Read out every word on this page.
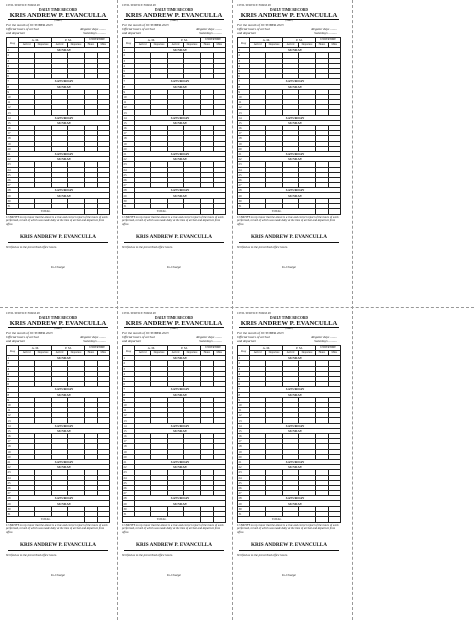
CIVIL SERVICE FORM 48
DAILY TIME RECORD
KRIS ANDREW P. EVANCULLA
(Name)
For the month of OCTOBER 2023
Official hours of arrival	Regular days ........
and departure	Saturdays ..........
Day	A. M.		P. M.		UNDERTIME	
	Arrival	Departure	Arrival	Departure	Hours	Mins
1	SUNDAY					
2						
3						
4						
5						
6						
7	SATURDAY					
8	SUNDAY					
9						
10						
11						
12						
13						
14	SATURDAY					
15	SUNDAY					
16						
17						
18						
19						
20						
21	SATURDAY					
22	SUNDAY					
23						
24						
25						
26						
27						
28	SATURDAY					
29	SUNDAY					
30						
31						
TOTAL						
I CERTIFY on my honor that the above is a true and correct report of the hours of work performed, record of which was made daily at the time of arrival and departure from office.
KRIS ANDREW P. EVANCULLA
Verified as to the prescribed office hours.
In-Charge
CIVIL SERVICE FORM 48
DAILY TIME RECORD
KRIS ANDREW P. EVANCULLA
(Name)
For the month of OCTOBER 2023
Official hours of arrival	Regular days ........
and departure	Saturdays ..........
Day	A. M.		P. M.		UNDERTIME	
	Arrival	Departure	Arrival	Departure	Hours	Mins
1	SUNDAY					
2						
3						
4						
5						
6						
7	SATURDAY					
8	SUNDAY					
9						
10						
11						
12						
13						
14	SATURDAY					
15	SUNDAY					
16						
17						
18						
19						
20						
21	SATURDAY					
22	SUNDAY					
23						
24						
25						
26						
27						
28	SATURDAY					
29	SUNDAY					
30						
31						
TOTAL						
I CERTIFY on my honor that the above is a true and correct report of the hours of work performed, record of which was made daily at the time of arrival and departure from office.
KRIS ANDREW P. EVANCULLA
Verified as to the prescribed office hours.
In-Charge
CIVIL SERVICE FORM 48
DAILY TIME RECORD
KRIS ANDREW P. EVANCULLA
(Name)
For the month of OCTOBER 2023
Official hours of arrival	Regular days ........
and departure	Saturdays ..........
Day	A. M.		P. M.		UNDERTIME	
	Arrival	Departure	Arrival	Departure	Hours	Mins
1	SUNDAY					
2						
3						
4						
5						
6						
7	SATURDAY					
8	SUNDAY					
9						
10						
11						
12						
13						
14	SATURDAY					
15	SUNDAY					
16						
17						
18						
19						
20						
21	SATURDAY					
22	SUNDAY					
23						
24						
25						
26						
27						
28	SATURDAY					
29	SUNDAY					
30						
31						
TOTAL						
I CERTIFY on my honor that the above is a true and correct report of the hours of work performed, record of which was made daily at the time of arrival and departure from office.
KRIS ANDREW P. EVANCULLA
Verified as to the prescribed office hours.
In-Charge
CIVIL SERVICE FORM 48
DAILY TIME RECORD
KRIS ANDREW P. EVANCULLA
(Name)
For the month of OCTOBER 2023
Official hours of arrival	Regular days ........
and departure	Saturdays ..........
Day	A. M.		P. M.		UNDERTIME	
	Arrival	Departure	Arrival	Departure	Hours	Mins
1	SUNDAY					
2						
3						
4						
5						
6						
7	SATURDAY					
8	SUNDAY					
9						
10						
11						
12						
13						
14	SATURDAY					
15	SUNDAY					
16						
17						
18						
19						
20						
21	SATURDAY					
22	SUNDAY					
23						
24						
25						
26						
27						
28	SATURDAY					
29	SUNDAY					
30						
31						
TOTAL						
I CERTIFY on my honor that the above is a true and correct report of the hours of work performed, record of which was made daily at the time of arrival and departure from office.
KRIS ANDREW P. EVANCULLA
Verified as to the prescribed office hours.
In-Charge
CIVIL SERVICE FORM 48
DAILY TIME RECORD
KRIS ANDREW P. EVANCULLA
(Name)
For the month of OCTOBER 2023
Official hours of arrival	Regular days ........
and departure	Saturdays ..........
Day	A. M.		P. M.		UNDERTIME	
	Arrival	Departure	Arrival	Departure	Hours	Mins
1	SUNDAY					
2						
3						
4						
5						
6						
7	SATURDAY					
8	SUNDAY					
9						
10						
11						
12						
13						
14	SATURDAY					
15	SUNDAY					
16						
17						
18						
19						
20						
21	SATURDAY					
22	SUNDAY					
23						
24						
25						
26						
27						
28	SATURDAY					
29	SUNDAY					
30						
31						
TOTAL						
I CERTIFY on my honor that the above is a true and correct report of the hours of work performed, record of which was made daily at the time of arrival and departure from office.
KRIS ANDREW P. EVANCULLA
Verified as to the prescribed office hours.
In-Charge
CIVIL SERVICE FORM 48
DAILY TIME RECORD
KRIS ANDREW P. EVANCULLA
(Name)
For the month of OCTOBER 2023
Official hours of arrival	Regular days ........
and departure	Saturdays ..........
Day	A. M.		P. M.		UNDERTIME	
	Arrival	Departure	Arrival	Departure	Hours	Mins
1	SUNDAY					
2						
3						
4						
5						
6						
7	SATURDAY					
8	SUNDAY					
9						
10						
11						
12						
13						
14	SATURDAY					
15	SUNDAY					
16						
17						
18						
19						
20						
21	SATURDAY					
22	SUNDAY					
23						
24						
25						
26						
27						
28	SATURDAY					
29	SUNDAY					
30						
31						
TOTAL						
I CERTIFY on my honor that the above is a true and correct report of the hours of work performed, record of which was made daily at the time of arrival and departure from office.
KRIS ANDREW P. EVANCULLA
Verified as to the prescribed office hours.
In-Charge
